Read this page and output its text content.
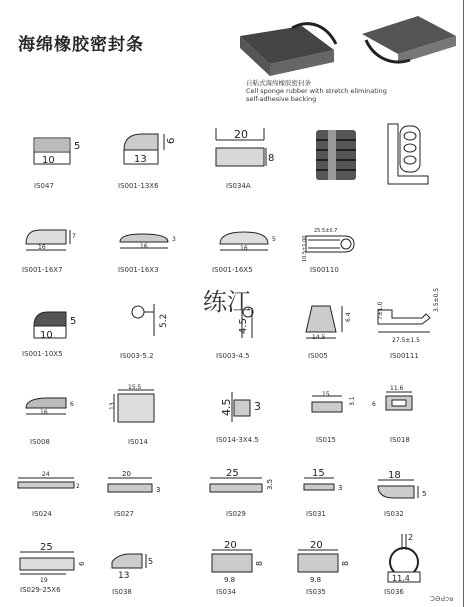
海绵橡胶密封条
自粘式海绵橡胶密封条
Cell sponge rubber with stretch eliminating
self-adhesive backing
5
10
IS047
6
13
IS001-13X6
20
8
IS034A
16
7
IS001-16X7
16
3
IS001-16X3
16
5
IS001-16X5
25.5±0.7
10.5±1.00
IS00110
5
10
IS001-10X5
5.2
IS003-5.2
4.5
IS003-4.5
14.5
6.4
IS005
7±1.0	3.5±0.5
27.5±1.5
IS00111
16
6
IS008
15.5
13
IS014
4.5 3
IS014-3X4.5
15
3.1
IS015
11.6
6
IS018
24
2
IS024
20
3
IS027
25
3.5
IS029
15
3
IS031
18
5
IS032
25
6
19
IS029-25X6
5
13
IS038
20
8
9.8
IS034
20
8
9.8
IS035
2
11.4
IS036
练江
ƆӘԀᴐᴚ
